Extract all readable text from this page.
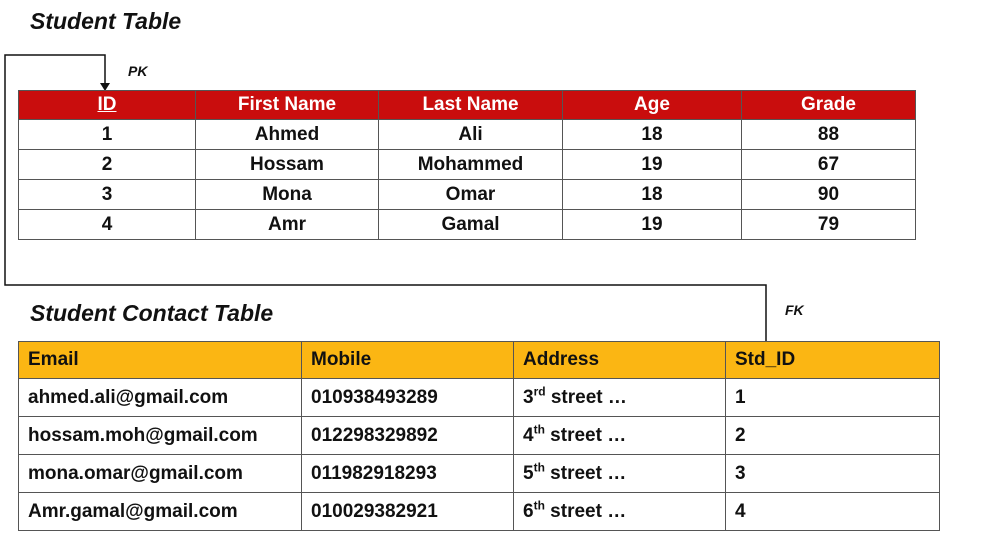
Student Table
PK
ID	First Name	Last Name	Age	Grade
1	Ahmed	Ali	18	88
2	Hossam	Mohammed	19	67
3	Mona	Omar	18	90
4	Amr	Gamal	19	79
Student Contact Table	FK
Email	Mobile	Address	Std_ID
ahmed.ali@gmail.com	010938493289	3rd street …	1
hossam.moh@gmail.com	012298329892	4th street …	2
mona.omar@gmail.com	011982918293	5th street …	3
Amr.gamal@gmail.com	010029382921	6th street …	4
